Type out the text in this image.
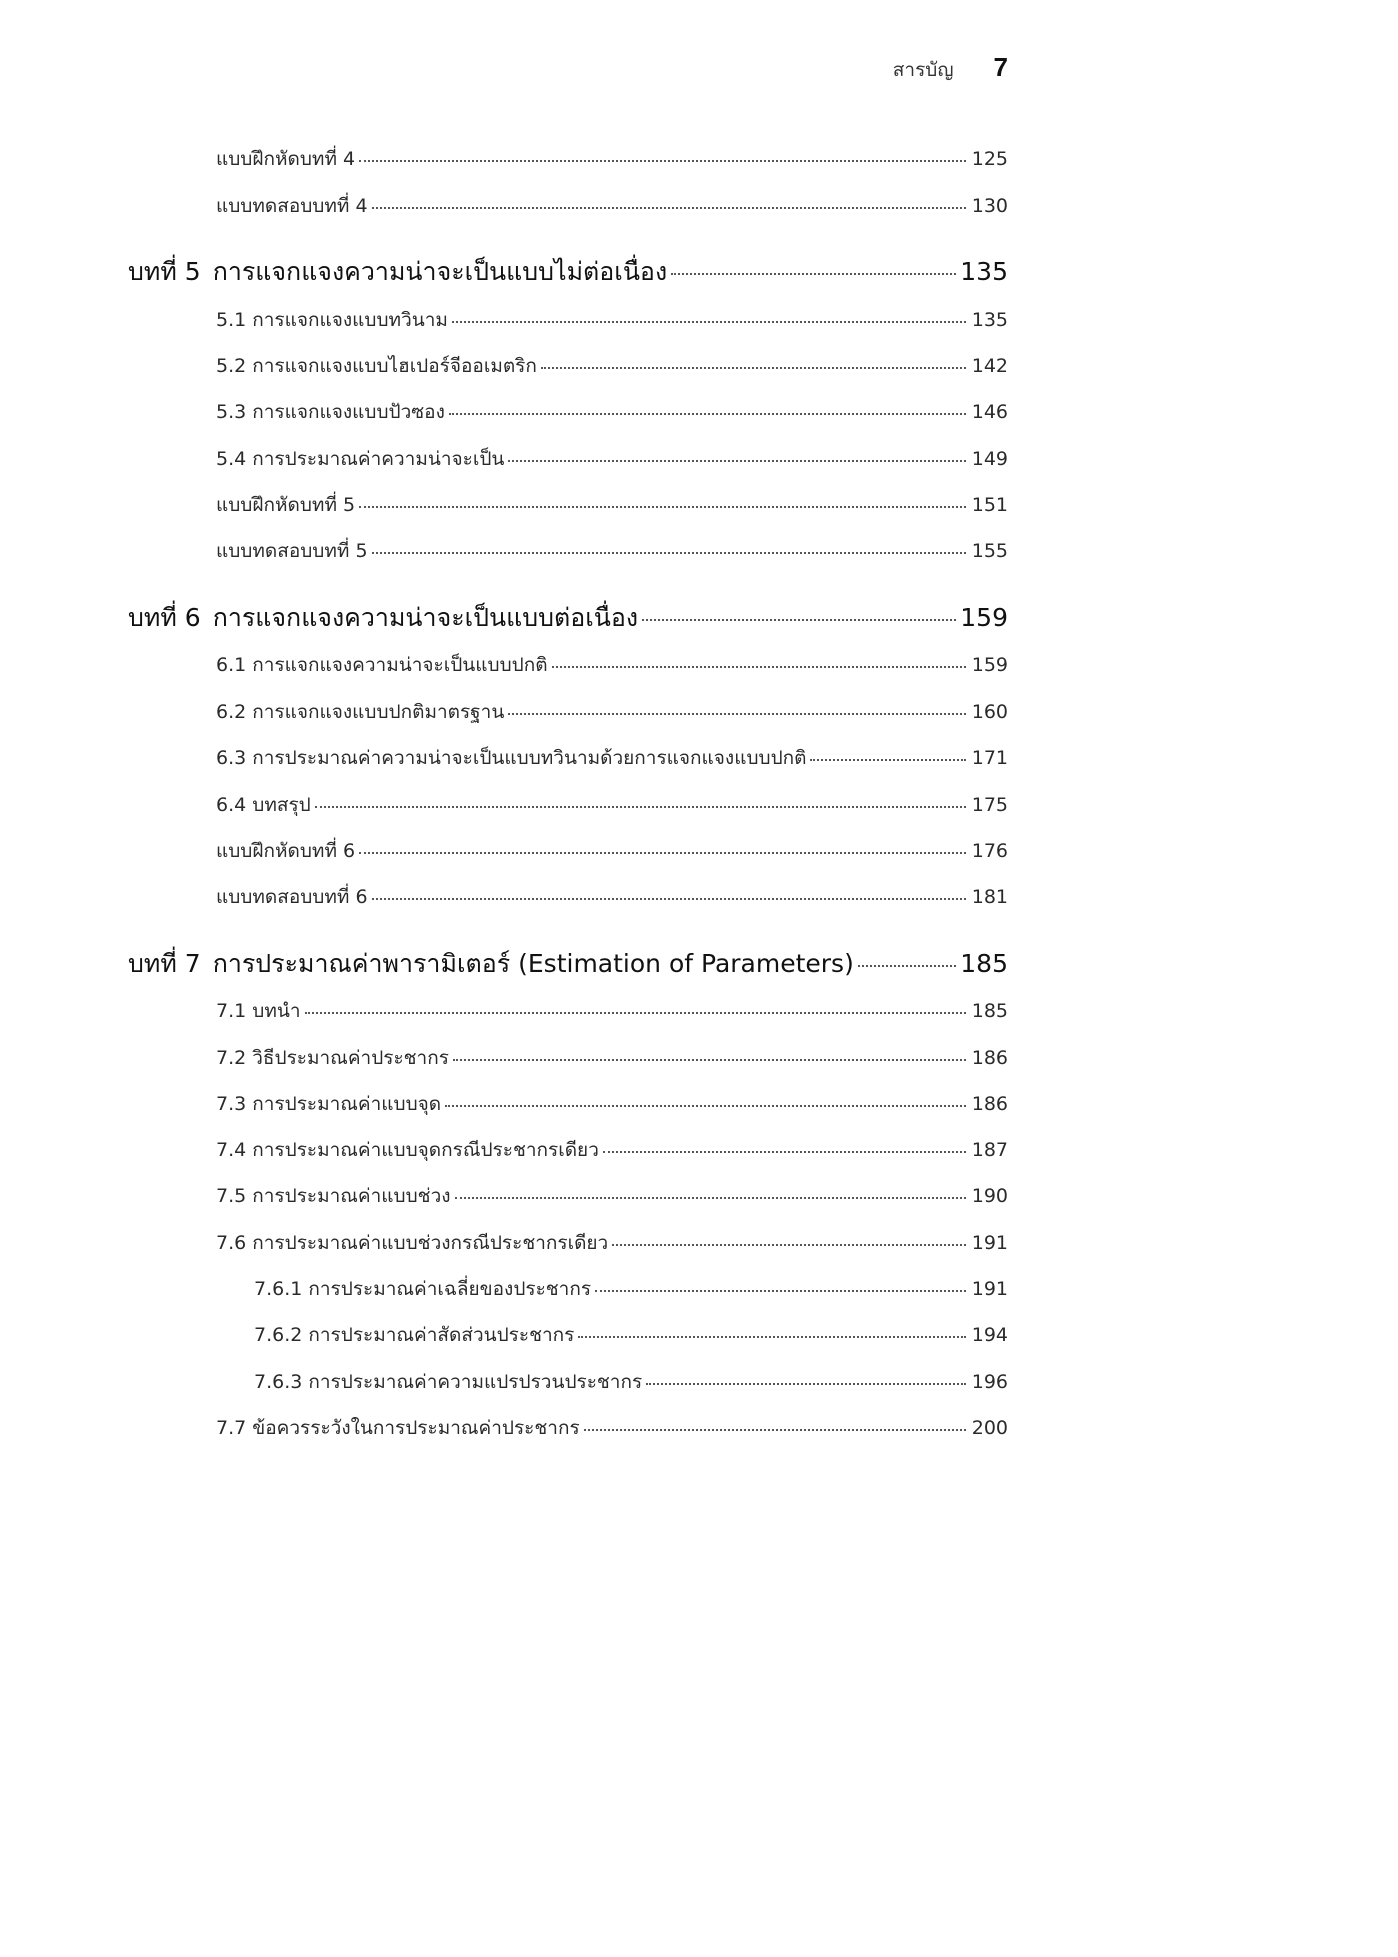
สารบัญ 7
แบบฝึกหัดบทที่ 4	125
แบบทดสอบบทที่ 4	130
บทที่ 5 การแจกแจงความน่าจะเป็นแบบไม่ต่อเนื่อง	135
5.1 การแจกแจงแบบทวินาม	135
5.2 การแจกแจงแบบไฮเปอร์จีออเมตริก	142
5.3 การแจกแจงแบบปัวซอง	146
5.4 การประมาณค่าความน่าจะเป็น	149
แบบฝึกหัดบทที่ 5	151
แบบทดสอบบทที่ 5	155
บทที่ 6 การแจกแจงความน่าจะเป็นแบบต่อเนื่อง	159
6.1 การแจกแจงความน่าจะเป็นแบบปกติ	159
6.2 การแจกแจงแบบปกติมาตรฐาน	160
6.3 การประมาณค่าความน่าจะเป็นแบบทวินามด้วยการแจกแจงแบบปกติ	171
6.4 บทสรุป	175
แบบฝึกหัดบทที่ 6	176
แบบทดสอบบทที่ 6	181
บทที่ 7 การประมาณค่าพารามิเตอร์ (Estimation of Parameters)	185
7.1 บทนำ	185
7.2 วิธีประมาณค่าประชากร	186
7.3 การประมาณค่าแบบจุด	186
7.4 การประมาณค่าแบบจุดกรณีประชากรเดียว	187
7.5 การประมาณค่าแบบช่วง	190
7.6 การประมาณค่าแบบช่วงกรณีประชากรเดียว	191
7.6.1 การประมาณค่าเฉลี่ยของประชากร	191
7.6.2 การประมาณค่าสัดส่วนประชากร	194
7.6.3 การประมาณค่าความแปรปรวนประชากร	196
7.7 ข้อควรระวังในการประมาณค่าประชากร	200
